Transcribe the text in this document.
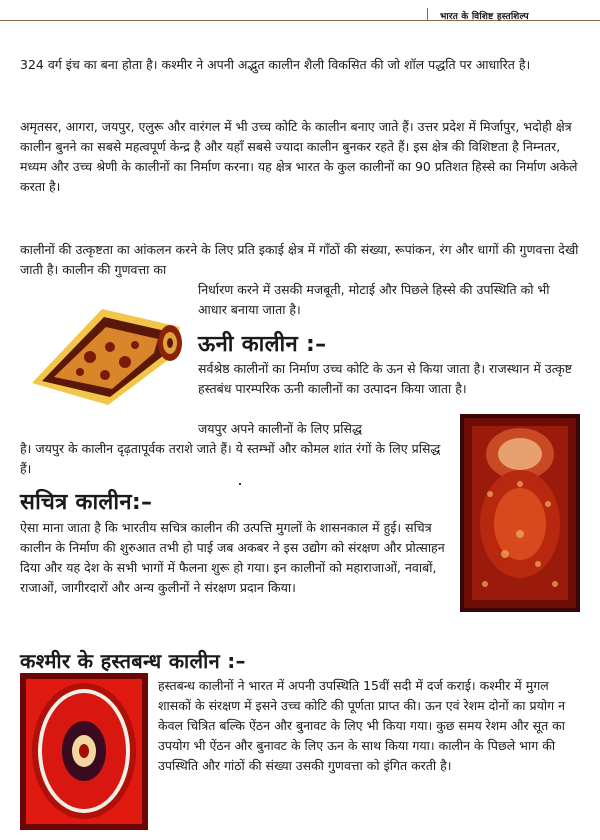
भारत के विशिष्ट हस्तशिल्प

324 वर्ग इंच का बना होता है। कश्मीर ने अपनी अद्भुत कालीन शैली विकसित की जो शॉल पद्धति पर आधारित है।

अमृतसर, आगरा, जयपुर, एलुरू और वारंगल में भी उच्च कोटि के कालीन बनाए जाते हैं। उत्तर प्रदेश में मिर्जापुर, भदोही क्षेत्र कालीन बुनने का सबसे महत्वपूर्ण केन्द्र है और यहाँ सबसे ज्यादा कालीन बुनकर रहते हैं। इस क्षेत्र की विशिष्टता है निम्नतर, मध्यम और उच्च श्रेणी के कालीनों का निर्माण करना। यह क्षेत्र भारत के कुल कालीनों का 90 प्रतिशत हिस्से का निर्माण अकेले करता है।

कालीनों की उत्कृष्टता का आंकलन करने के लिए प्रति इकाई क्षेत्र में गाँठों की संख्या, रूपांकन, रंग और धागों की गुणवत्ता देखी जाती है। कालीन की गुणवत्ता का

निर्धारण करने में उसकी मजबूती, मोटाई और पिछले हिस्से की उपस्थिति को भी आधार बनाया जाता है।

ऊनी कालीन :–

सर्वश्रेष्ठ कालीनों का निर्माण उच्च कोटि के ऊन से किया जाता है। राजस्थान में उत्कृष्ट हस्तबंध पारम्परिक ऊनी कालीनों का उत्पादन किया जाता है।

जयपुर अपने कालीनों के लिए प्रसिद्ध

है। जयपुर के कालीन दृढ़तापूर्वक तराशे जाते हैं। ये स्तम्भों और कोमल शांत रंगों के लिए प्रसिद्ध हैं।

सचित्र कालीन:–

ऐसा माना जाता है कि भारतीय सचित्र कालीन की उत्पत्ति मुगलों के शासनकाल में हुई। सचित्र कालीन के निर्माण की शुरुआत तभी हो पाई जब अकबर ने इस उद्योग को संरक्षण और प्रोत्साहन दिया और यह देश के सभी भागों में फैलना शुरू हो गया। इन कालीनों को महाराजाओं, नवाबों, राजाओं, जागीरदारों और अन्य कुलीनों ने संरक्षण प्रदान किया।

कश्मीर के हस्तबन्ध कालीन :–

हस्तबन्ध कालीनों ने भारत में अपनी उपस्थिति 15वीं सदी में दर्ज कराई। कश्मीर में मुगल शासकों के संरक्षण में इसने उच्च कोटि की पूर्णता प्राप्त की। ऊन एवं रेशम दोनों का प्रयोग न केवल चित्रित बल्कि ऐंठन और बुनावट के लिए भी किया गया। कुछ समय रेशम और सूत का उपयोग भी ऐंठन और बुनावट के लिए ऊन के साथ किया गया। कालीन के पिछले भाग की उपस्थिति और गांठों की संख्या उसकी गुणवत्ता को इंगित करती है।
